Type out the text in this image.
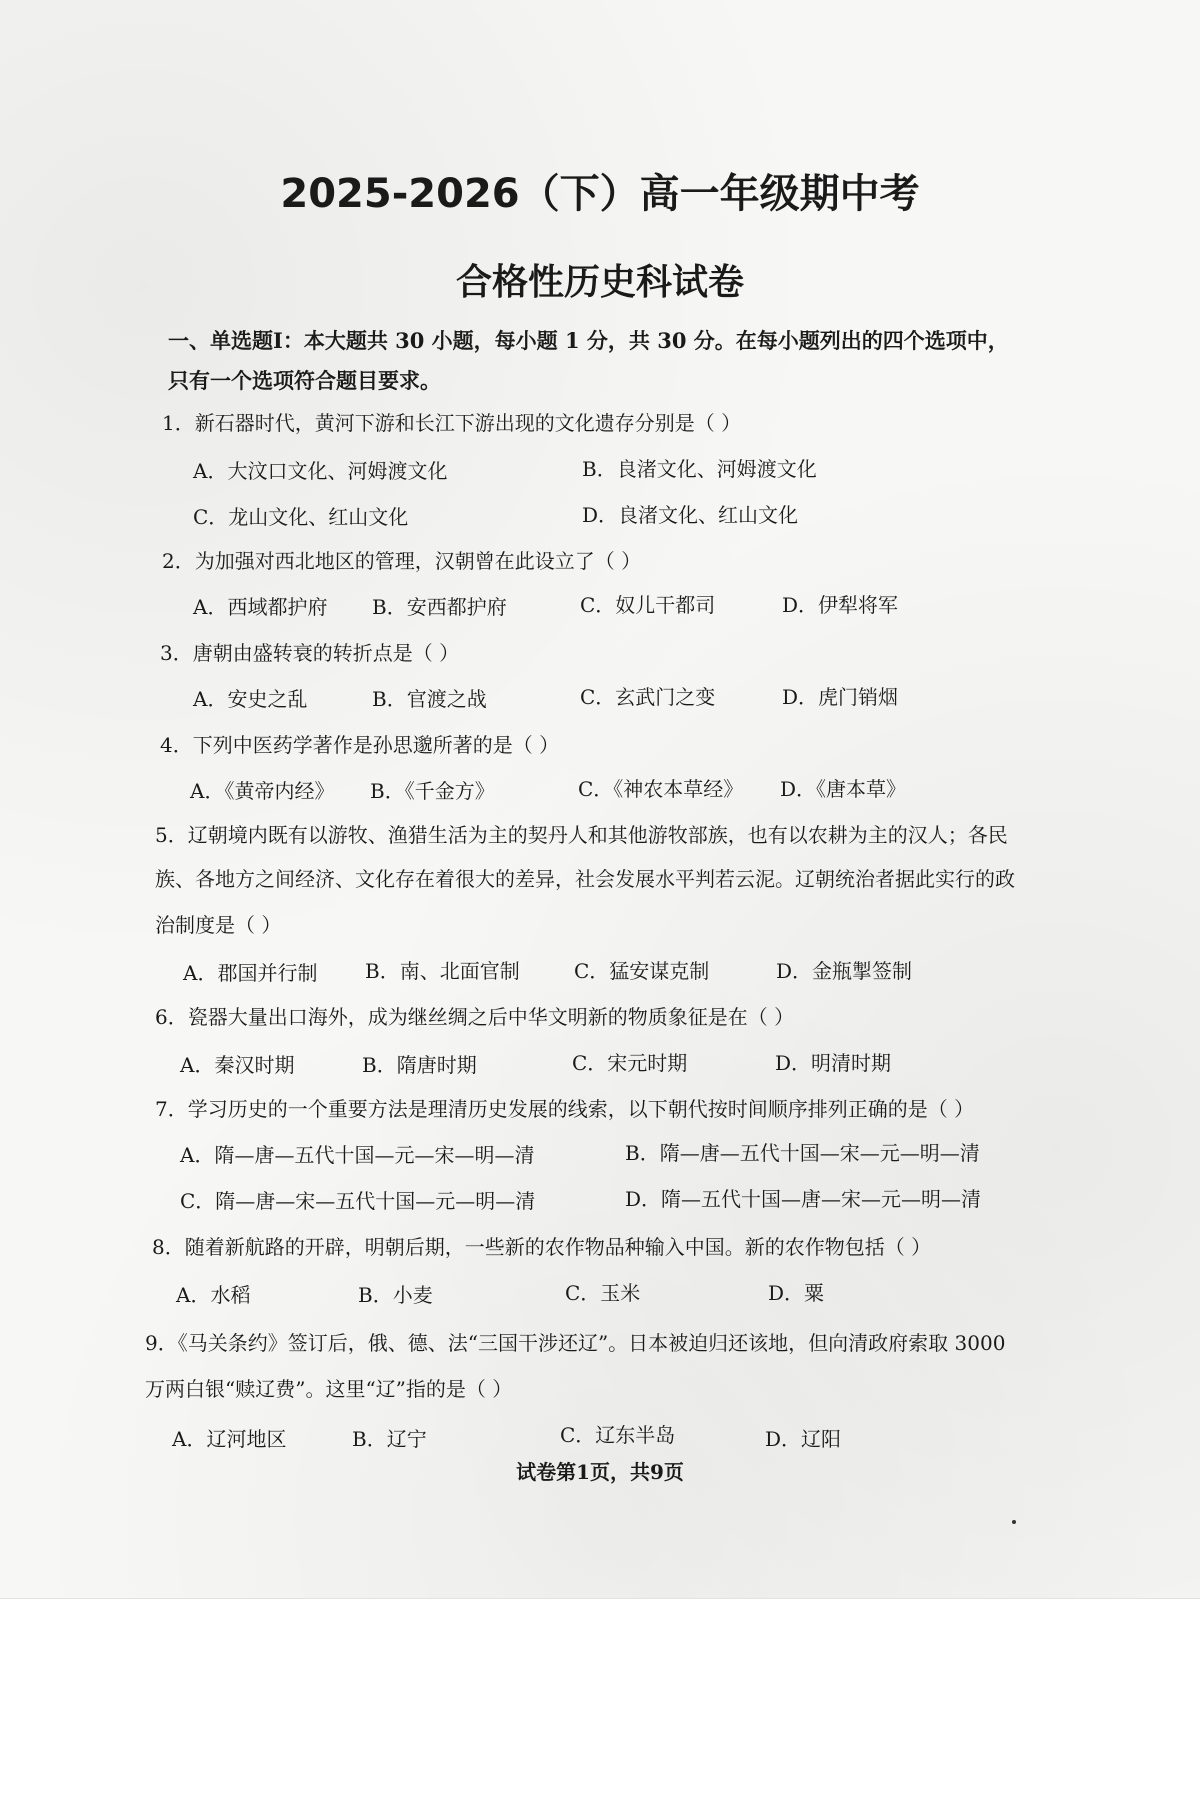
2025-2026（下）高一年级期中考
合格性历史科试卷
一、单选题Ⅰ：本大题共 30 小题，每小题 1 分，共 30 分。在每小题列出的四个选项中，
只有一个选项符合题目要求。
1．新石器时代，黄河下游和长江下游出现的文化遗存分别是（ ）
A．大汶口文化、河姆渡文化	B．良渚文化、河姆渡文化
C．龙山文化、红山文化	D．良渚文化、红山文化
2．为加强对西北地区的管理，汉朝曾在此设立了（ ）
A．西域都护府 B．安西都护府	C．奴儿干都司	D．伊犁将军
3．唐朝由盛转衰的转折点是（ ）
A．安史之乱	B．官渡之战	C．玄武门之变	D．虎门销烟
4．下列中医药学著作是孙思邈所著的是（ ）
A．《黄帝内经》 B．《千金方》	C．《神农本草经》 D．《唐本草》
5．辽朝境内既有以游牧、渔猎生活为主的契丹人和其他游牧部族，也有以农耕为主的汉人；各民
族、各地方之间经济、文化存在着很大的差异，社会发展水平判若云泥。辽朝统治者据此实行的政
治制度是（ ）
A．郡国并行制 B．南、北面官制	C．猛安谋克制	D．金瓶掣签制
6．瓷器大量出口海外，成为继丝绸之后中华文明新的物质象征是在（ ）
A．秦汉时期	B．隋唐时期	C．宋元时期	D．明清时期
7．学习历史的一个重要方法是理清历史发展的线索，以下朝代按时间顺序排列正确的是（ ）
A．隋—唐—五代十国—元—宋—明—清	B．隋—唐—五代十国—宋—元—明—清
C．隋—唐—宋—五代十国—元—明—清	D．隋—五代十国—唐—宋—元—明—清
8．随着新航路的开辟，明朝后期，一些新的农作物品种输入中国。新的农作物包括（ ）
A．水稻	B．小麦	C．玉米	D．粟
9．《马关条约》签订后，俄、德、法“三国干涉还辽”。日本被迫归还该地，但向清政府索取 3000
万两白银“赎辽费”。这里“辽”指的是（ ）
A．辽河地区	B．辽宁	C．辽东半岛	D．辽阳
试卷第1页，共9页
